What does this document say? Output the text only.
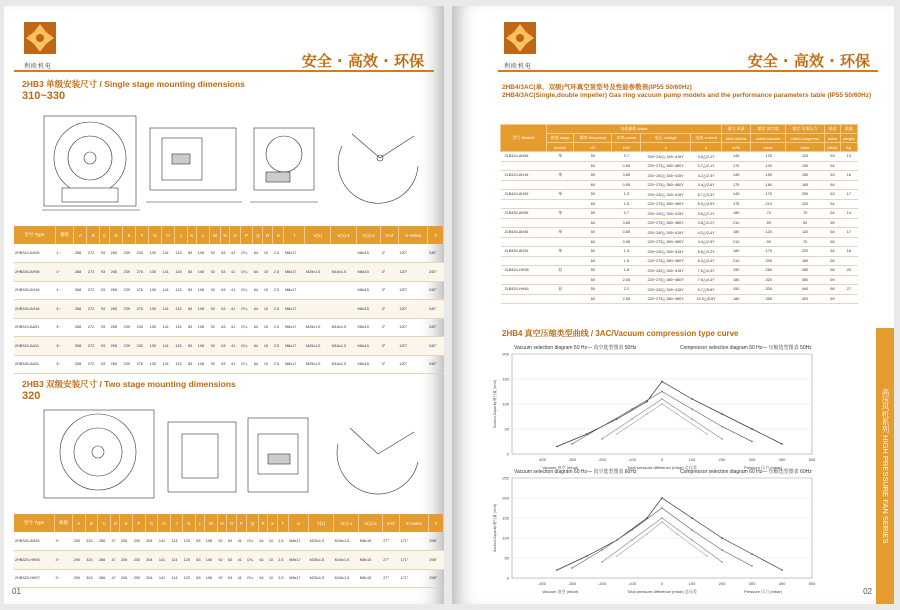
利欧机电	安全 · 高效 · 环保
2HB3 单级安装尺寸 / Single stage mounting dimensions
310~330
型号 Type	极数	A	B	C	D	E	F	G	H	J	K	L	M	N	O	P	Q	R	S	T	V(1)	V(1)-1	V(1)-2	V×Z	X-Holes	Y
2HB310-AH06	1~	268	272	93	265	239	230	135	141	115	83	108	92	63	41	G¼	64	10	2.5	M8x17			M8x15	3°	120°	240°
2HB330-AH06	1~	268	272	93	265	239	276	135	141	115	83	108	92	63	41	G¼	64	10	2.5	M8x17	M25x1.5	M16x1.5	M8x15	3°	120°	240°
2HB330-AH16	1~	268	272	93	265	239	276	135	141	115	83	108	92	63	41	G¼	64	10	2.5	M8x17			M8x15	3°	120°	240°
2HB330-AH16	3~	268	272	93	265	239	276	135	141	115	83	108	92	63	41	G¼	64	10	2.5	M8x17			M8x15	3°	120°	240°
2HB310-AA01	3~	268	272	93	265	239	230	135	141	115	83	108	92	63	41	G¼	64	10	2.5	M8x17	M25x1.5	M16x1.5	M8x15	3°	120°	240°
2HB310-AA11	3~	268	272	93	265	239	230	135	141	115	83	108	92	63	41	G¼	64	10	2.5	M8x17	M25x1.5	M16x1.5	M8x15	3°	120°	240°
2HB330-AA11	3~	268	272	93	265	239	276	135	141	115	83	108	92	63	41	G¼	64	10	2.5	M8x17	M25x1.5	M16x1.5	M8x15	3°	120°	240°
2HB3 双级安装尺寸 / Two stage mounting dimensions
320
型号 Type	极数	A	B	C	D	E	F	G	H	J	K	L	M	N	O	P	Q	R	S	T	U	V(1)	V(1)-1	V(1)-2	V×Z	X-Holes	Y
2HB320-AH26	3~	290	324	286	47	206	230	204	141	114	120	63	108	92	63	41	G¼	64	10	2.5	M8x17	M25x1.5	M16x1.5	M8x15	27°	171°	298°
2HB320-HH06	3~	290	324	286	47	206	230	204	141	114	120	63	108	92	63	41	G¼	64	10	2.5	M8x17	M25x1.5	M16x1.5	M8x15	27°	171°	298°
2HB320-HH07	3~	290	324	286	47	206	230	204	141	114	120	63	108	92	63	41	G¼	64	10	2.5	M8x17	M25x1.5	M16x1.5	M8x15	27°	171°	298°
01
利欧机电	安全 · 高效 · 环保
2HB4/3AC(单、双级)气环真空泵型号及性能参数表(IP55 50/60Hz)
2HB4/3AC(Single,double impeller) Gas ring vacuum pump models and the performance parameters table (IP55 50/60Hz)
型号 Models	电机参数 Motor					最大 风量	额定 真空度	额定 压缩压力	噪音	重量
	极数 stage	频率 frequency	功率 power	电压 voltage	电流 current	Max airflow	rated vacuum	rated compress	noise	weight
	double	HZ	KW	V	A	m³/h	mbar	mbar	(dB)A	Kg
2LB410-AH06	单	50	0.7	200~240△ 345~415Y	3.8△/2.2Y	145	-120	120	63	13
		60	0.83	220~275△ 380~480Y	3.7△/2.1Y	175	-130	130	64	
2LB410-AH16	单	50	0.85	200~240△ 345~415Y	4.2△/2.3Y	145	-150	150	63	16
		60	0.95	220~275△ 380~480Y	4.4△/2.6Y	175	-160	160	64	
2LB410-AH26	单	50	1.3	200~240△ 345~415Y	5.7△/3.3Y	145	-170	200	63	17
		60	1.5	220~275△ 380~480Y	6.0△/3.5Y	175	-210	220	64	
2LB430-AH06	单	50	0.7	200~240△ 345~415Y	3.8△/2.2Y	180	-70	70	64	14
		60	0.83	220~275△ 380~480Y	3.8△/2.2Y	210	-50	50	65	
2LB430-AH36	单	50	0.85	200~240△ 345~415Y	4.2△/2.4Y	180	-120	120	64	17
		60	0.95	220~275△ 380~480Y	4.4△/2.5Y	210	-90	70	65	
2LB430-AH26	单	50	1.3	200~240△ 345~415Y	5.6△/3.2Y	180	-170	220	64	18
		60	1.5	220~275△ 380~480Y	6.0△/3.4Y	210	-200	160	65	
2LB420-HH36	双	50	1.6	200~240△ 345~415Y	7.5△/4.3Y	150	-280	280	66	25
		60	2.05	220~275△ 380~480Y	7.6△/4.4Y	180	-320	350	69	
2LB420-HH46	双	50	2.2	200~240△ 345~415Y	9.7△/5.6Y	150	-330	440	66	27
		60	2.55	220~275△ 380~480Y	10.0△/5.8Y	180	-350	420	69	
2HB4 真空压缩类型曲线 / 3AC/Vacuum compression type curve
Vacuum selection diagram 50 Hz— 真空选型图表 50Hz	Compressor selection diagram 50 Hz— 压缩选型图表 50Hz
0
50
100
150
200
-400	-300	-200	-100	0	100	200	300	400	500
Suction Capacity 吸气量 (m³/h)
Vacuum 真空 (mbar)	Total pressure difference (mbar) 总压差	Pressure 压力 (mbar)
Vacuum selection diagram 60 Hz— 真空选型图表 60Hz	Compressor selection diagram 60 Hz— 压缩选型图表 60Hz
0
50
100
150
200
250
-400	-300	-200	-100	0	100	200	300	400	500
Suction Capacity 吸气量 (m³/h)
Vacuum 真空 (mbar)	Total pressure difference (mbar) 总压差	Pressure 压力 (mbar)
高压风机系列 HIGH PRESSURE FAN SERIES
02
